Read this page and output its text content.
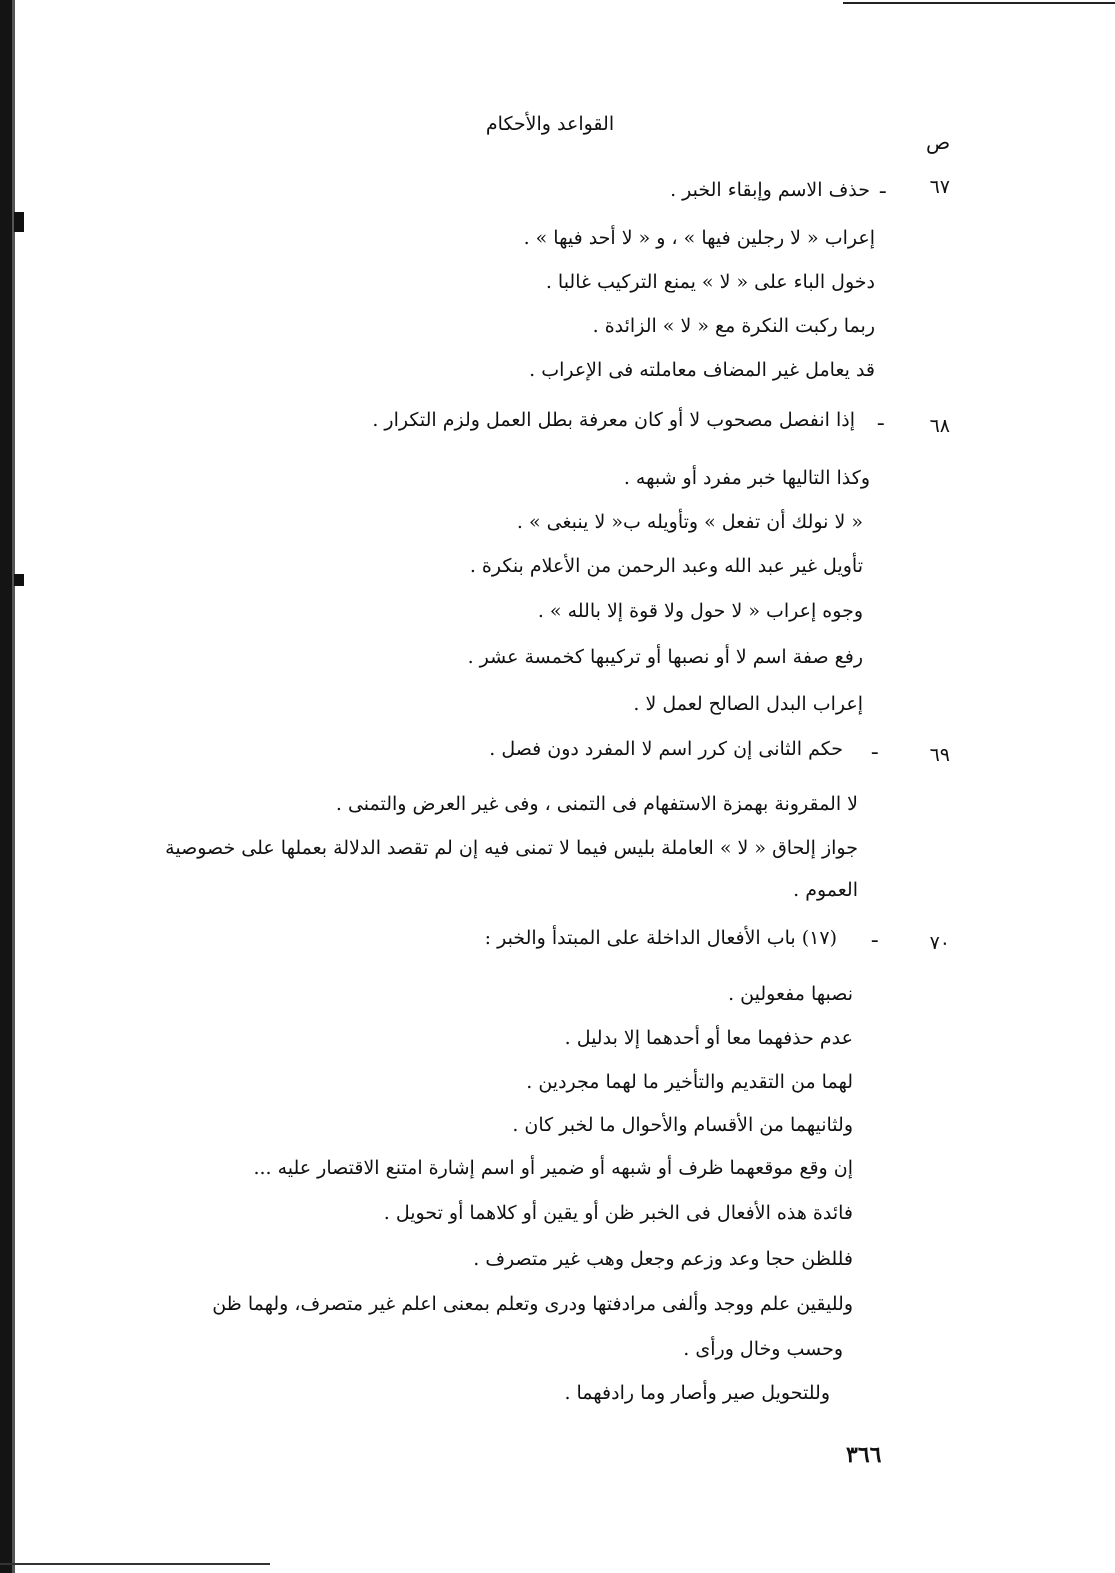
القواعد والأحكام
ص
٦٧
ـ
حذف الاسم وإبقاء الخبر .
إعراب « لا رجلين فيها » ، و « لا أحد فيها » .
دخول الباء على « لا » يمنع التركيب غالبا .
ربما ركبت النكرة مع « لا » الزائدة .
قد يعامل غير المضاف معاملته فى الإعراب .
٦٨
ـ
إذا انفصل مصحوب لا أو كان معرفة بطل العمل ولزم التكرار .
وكذا التاليها خبر مفرد أو شبهه .
« لا نولك أن تفعل » وتأويله ب« لا ينبغى » .
تأويل غير عبد الله وعبد الرحمن من الأعلام بنكرة .
وجوه إعراب « لا حول ولا قوة إلا بالله » .
رفع صفة اسم لا أو نصبها أو تركيبها كخمسة عشر .
إعراب البدل الصالح لعمل لا .
٦٩
ـ
حكم الثانى إن كرر اسم لا المفرد دون فصل .
لا المقرونة بهمزة الاستفهام فى التمنى ، وفى غير العرض والتمنى .
جواز إلحاق « لا » العاملة بليس فيما لا تمنى فيه إن لم تقصد الدلالة بعملها على خصوصية
العموم .
٧٠
ـ
(١٧) باب الأفعال الداخلة على المبتدأ والخبر :
نصبها مفعولين .
عدم حذفهما معا أو أحدهما إلا بدليل .
لهما من التقديم والتأخير ما لهما مجردين .
ولثانيهما من الأقسام والأحوال ما لخبر كان .
إن وقع موقعهما ظرف أو شبهه أو ضمير أو اسم إشارة امتنع الاقتصار عليه ...
فائدة هذه الأفعال فى الخبر ظن أو يقين أو كلاهما أو تحويل .
فللظن حجا وعد وزعم وجعل وهب غير متصرف .
ولليقين علم ووجد وألفى مرادفتها ودرى وتعلم بمعنى اعلم غير متصرف، ولهما ظن
وحسب وخال ورأى .
وللتحويل صير وأصار وما رادفهما .
٣٦٦
